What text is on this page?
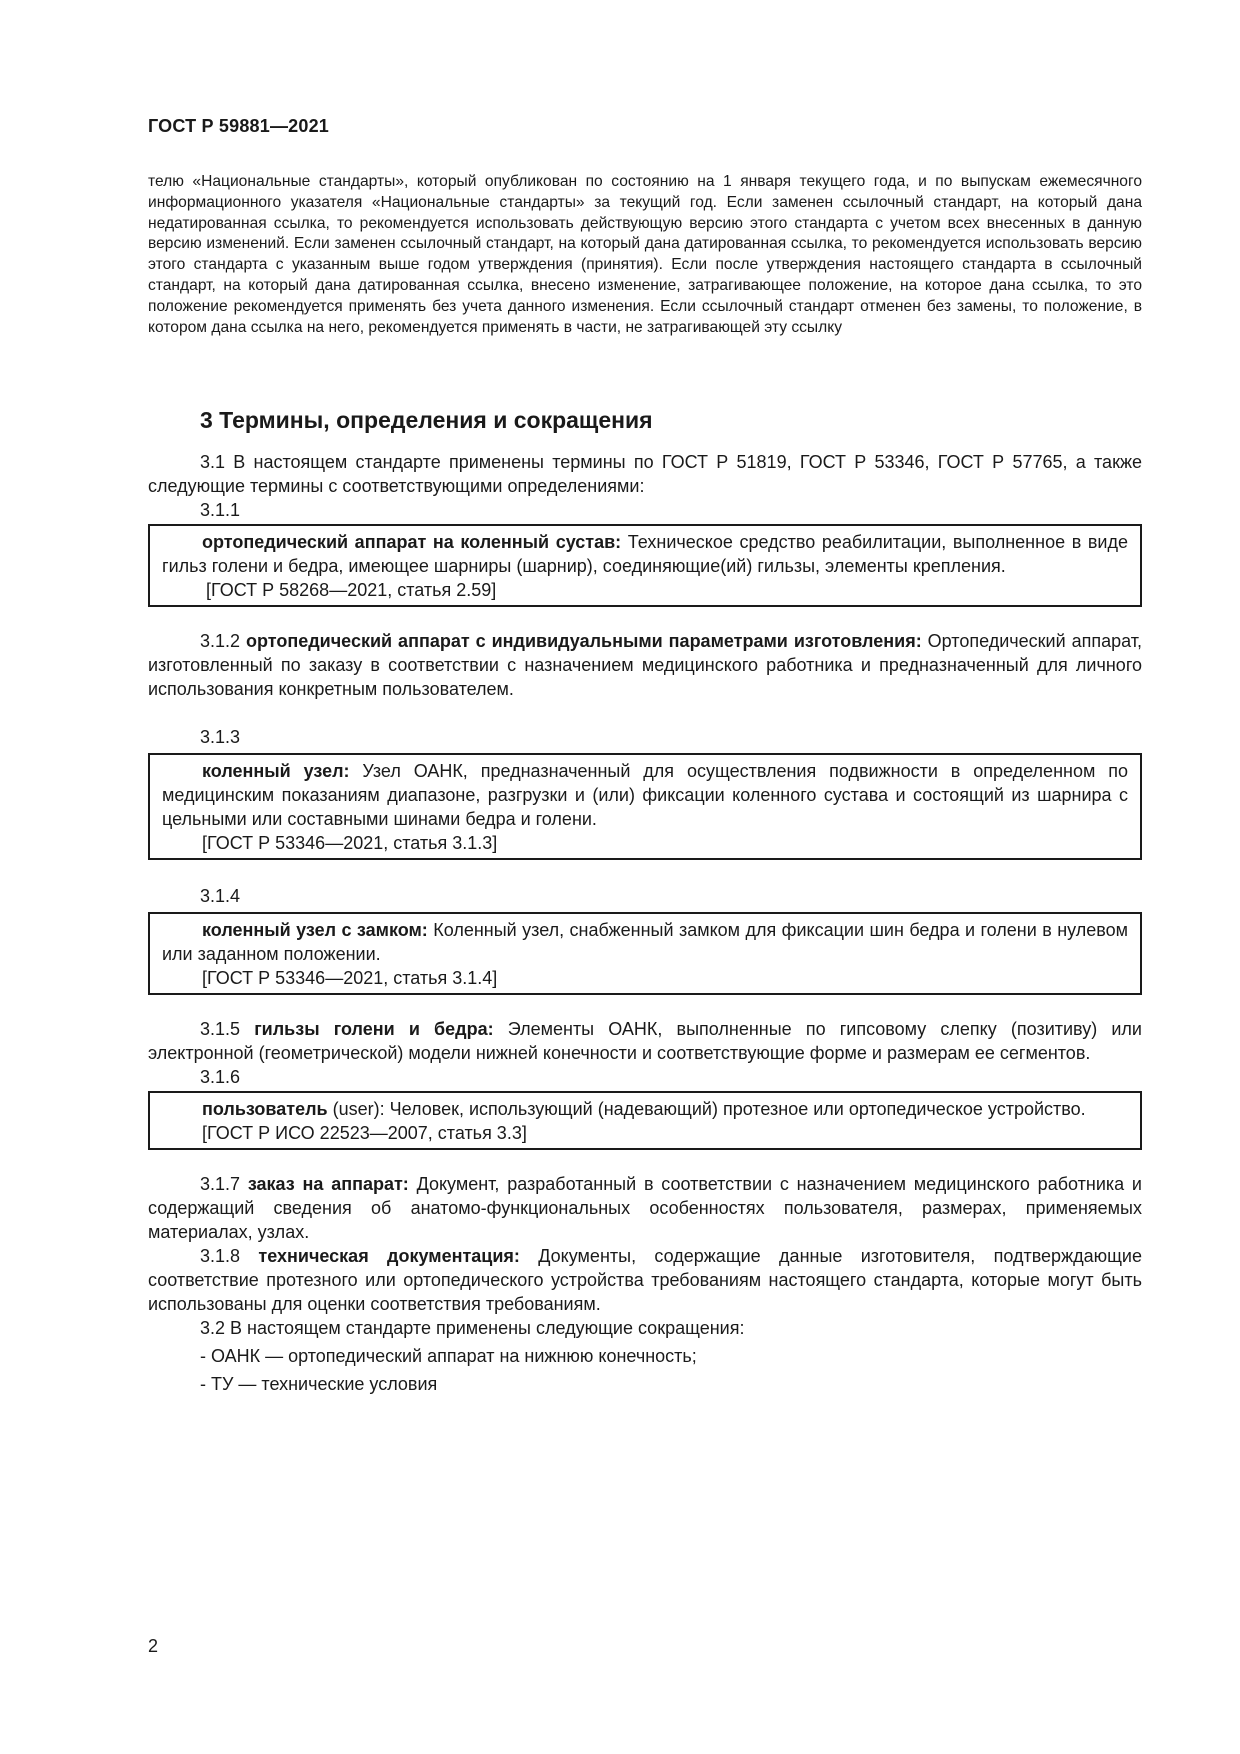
ГОСТ Р 59881—2021
телю «Национальные стандарты», который опубликован по состоянию на 1 января текущего года, и по выпускам ежемесячного информационного указателя «Национальные стандарты» за текущий год. Если заменен ссылочный стандарт, на который дана недатированная ссылка, то рекомендуется использовать действующую версию этого стандарта с учетом всех внесенных в данную версию изменений. Если заменен ссылочный стандарт, на который дана датированная ссылка, то рекомендуется использовать версию этого стандарта с указанным выше годом утверждения (принятия). Если после утверждения настоящего стандарта в ссылочный стандарт, на который дана датированная ссылка, внесено изменение, затрагивающее положение, на которое дана ссылка, то это положение рекомендуется применять без учета данного изменения. Если ссылочный стандарт отменен без замены, то положение, в котором дана ссылка на него, рекомендуется применять в части, не затрагивающей эту ссылку
3 Термины, определения и сокращения

3.1 В настоящем стандарте применены термины по ГОСТ Р 51819, ГОСТ Р 53346, ГОСТ Р 57765, а также следующие термины с соответствующими определениями:

3.1.1

ортопедический аппарат на коленный сустав: Техническое средство реабилитации, выполненное в виде гильз голени и бедра, имеющее шарниры (шарнир), соединяющие(ий) гильзы, элементы крепления.

[ГОСТ Р 58268—2021, статья 2.59]

3.1.2 ортопедический аппарат с индивидуальными параметрами изготовления: Ортопедический аппарат, изготовленный по заказу в соответствии с назначением медицинского работника и предназначенный для личного использования конкретным пользователем.

3.1.3

коленный узел: Узел ОАНК, предназначенный для осуществления подвижности в определенном по медицинским показаниям диапазоне, разгрузки и (или) фиксации коленного сустава и состоящий из шарнира с цельными или составными шинами бедра и голени.

[ГОСТ Р 53346—2021, статья 3.1.3]
3.1.4

коленный узел с замком: Коленный узел, снабженный замком для фиксации шин бедра и голени в нулевом или заданном положении.

[ГОСТ Р 53346—2021, статья 3.1.4]

3.1.5 гильзы голени и бедра: Элементы ОАНК, выполненные по гипсовому слепку (позитиву) или электронной (геометрической) модели нижней конечности и соответствующие форме и размерам ее сегментов.

3.1.6

пользователь (user): Человек, использующий (надевающий) протезное или ортопедическое устройство.

[ГОСТ Р ИСО 22523—2007, статья 3.3]

3.1.7 заказ на аппарат: Документ, разработанный в соответствии с назначением медицинского работника и содержащий сведения об анатомо-функциональных особенностях пользователя, размерах, применяемых материалах, узлах.

3.1.8 техническая документация: Документы, содержащие данные изготовителя, подтверждающие соответствие протезного или ортопедического устройства требованиям настоящего стандарта, которые могут быть использованы для оценки соответствия требованиям.

3.2 В настоящем стандарте применены следующие сокращения:

- ОАНК — ортопедический аппарат на нижнюю конечность;
- ТУ — технические условия
2
